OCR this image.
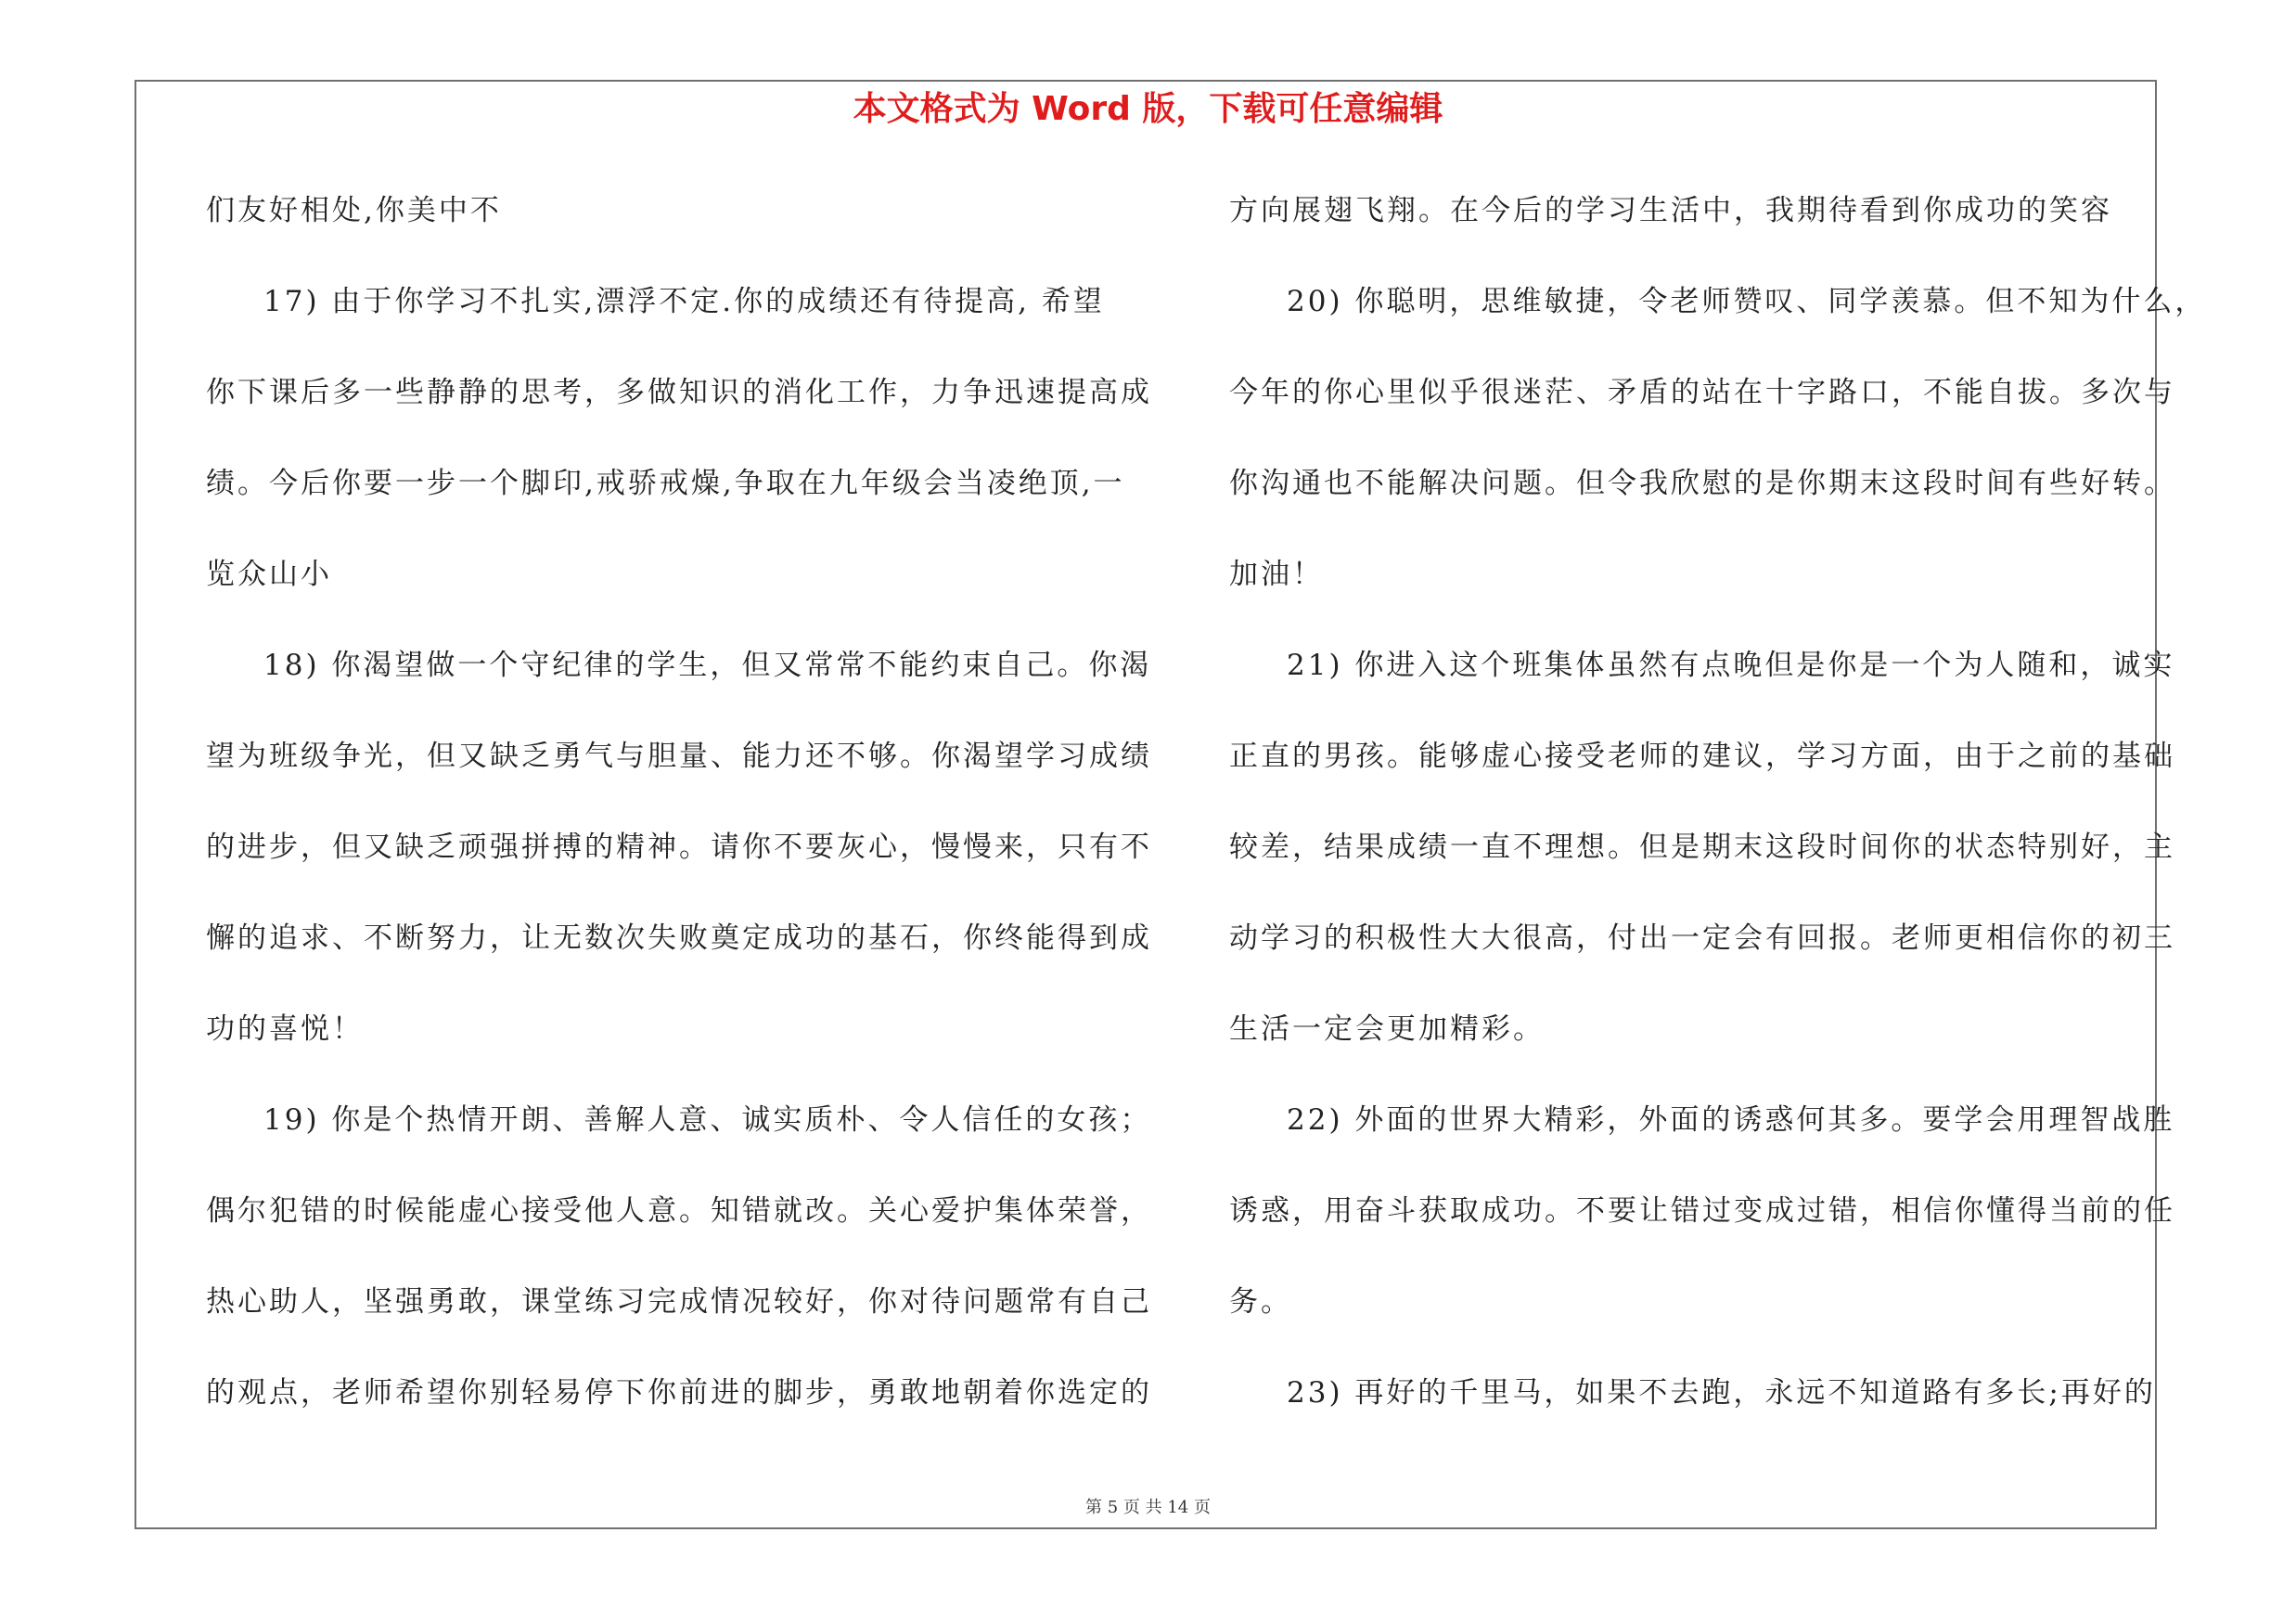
本文格式为 Word 版，下载可任意编辑
们友好相处,你美中不
17) 由于你学习不扎实,漂浮不定.你的成绩还有待提高, 希望
你下课后多一些静静的思考，多做知识的消化工作，力争迅速提高成
绩。今后你要一步一个脚印,戒骄戒燥,争取在九年级会当凌绝顶,一
览众山小
18) 你渴望做一个守纪律的学生，但又常常不能约束自己。你渴
望为班级争光，但又缺乏勇气与胆量、能力还不够。你渴望学习成绩
的进步，但又缺乏顽强拼搏的精神。请你不要灰心，慢慢来，只有不
懈的追求、不断努力，让无数次失败奠定成功的基石，你终能得到成
功的喜悦！
19) 你是个热情开朗、善解人意、诚实质朴、令人信任的女孩；
偶尔犯错的时候能虚心接受他人意。知错就改。关心爱护集体荣誉，
热心助人，坚强勇敢，课堂练习完成情况较好，你对待问题常有自己
的观点，老师希望你别轻易停下你前进的脚步，勇敢地朝着你选定的
方向展翅飞翔。在今后的学习生活中，我期待看到你成功的笑容
20) 你聪明，思维敏捷，令老师赞叹、同学羡慕。但不知为什么，
今年的你心里似乎很迷茫、矛盾的站在十字路口，不能自拔。多次与
你沟通也不能解决问题。但令我欣慰的是你期末这段时间有些好转。
加油！
21) 你进入这个班集体虽然有点晚但是你是一个为人随和，诚实
正直的男孩。能够虚心接受老师的建议，学习方面，由于之前的基础
较差，结果成绩一直不理想。但是期末这段时间你的状态特别好，主
动学习的积极性大大很高，付出一定会有回报。老师更相信你的初三
生活一定会更加精彩。
22) 外面的世界大精彩，外面的诱惑何其多。要学会用理智战胜
诱惑，用奋斗获取成功。不要让错过变成过错，相信你懂得当前的任
务。
23) 再好的千里马，如果不去跑，永远不知道路有多长;再好的
第 5 页 共 14 页
